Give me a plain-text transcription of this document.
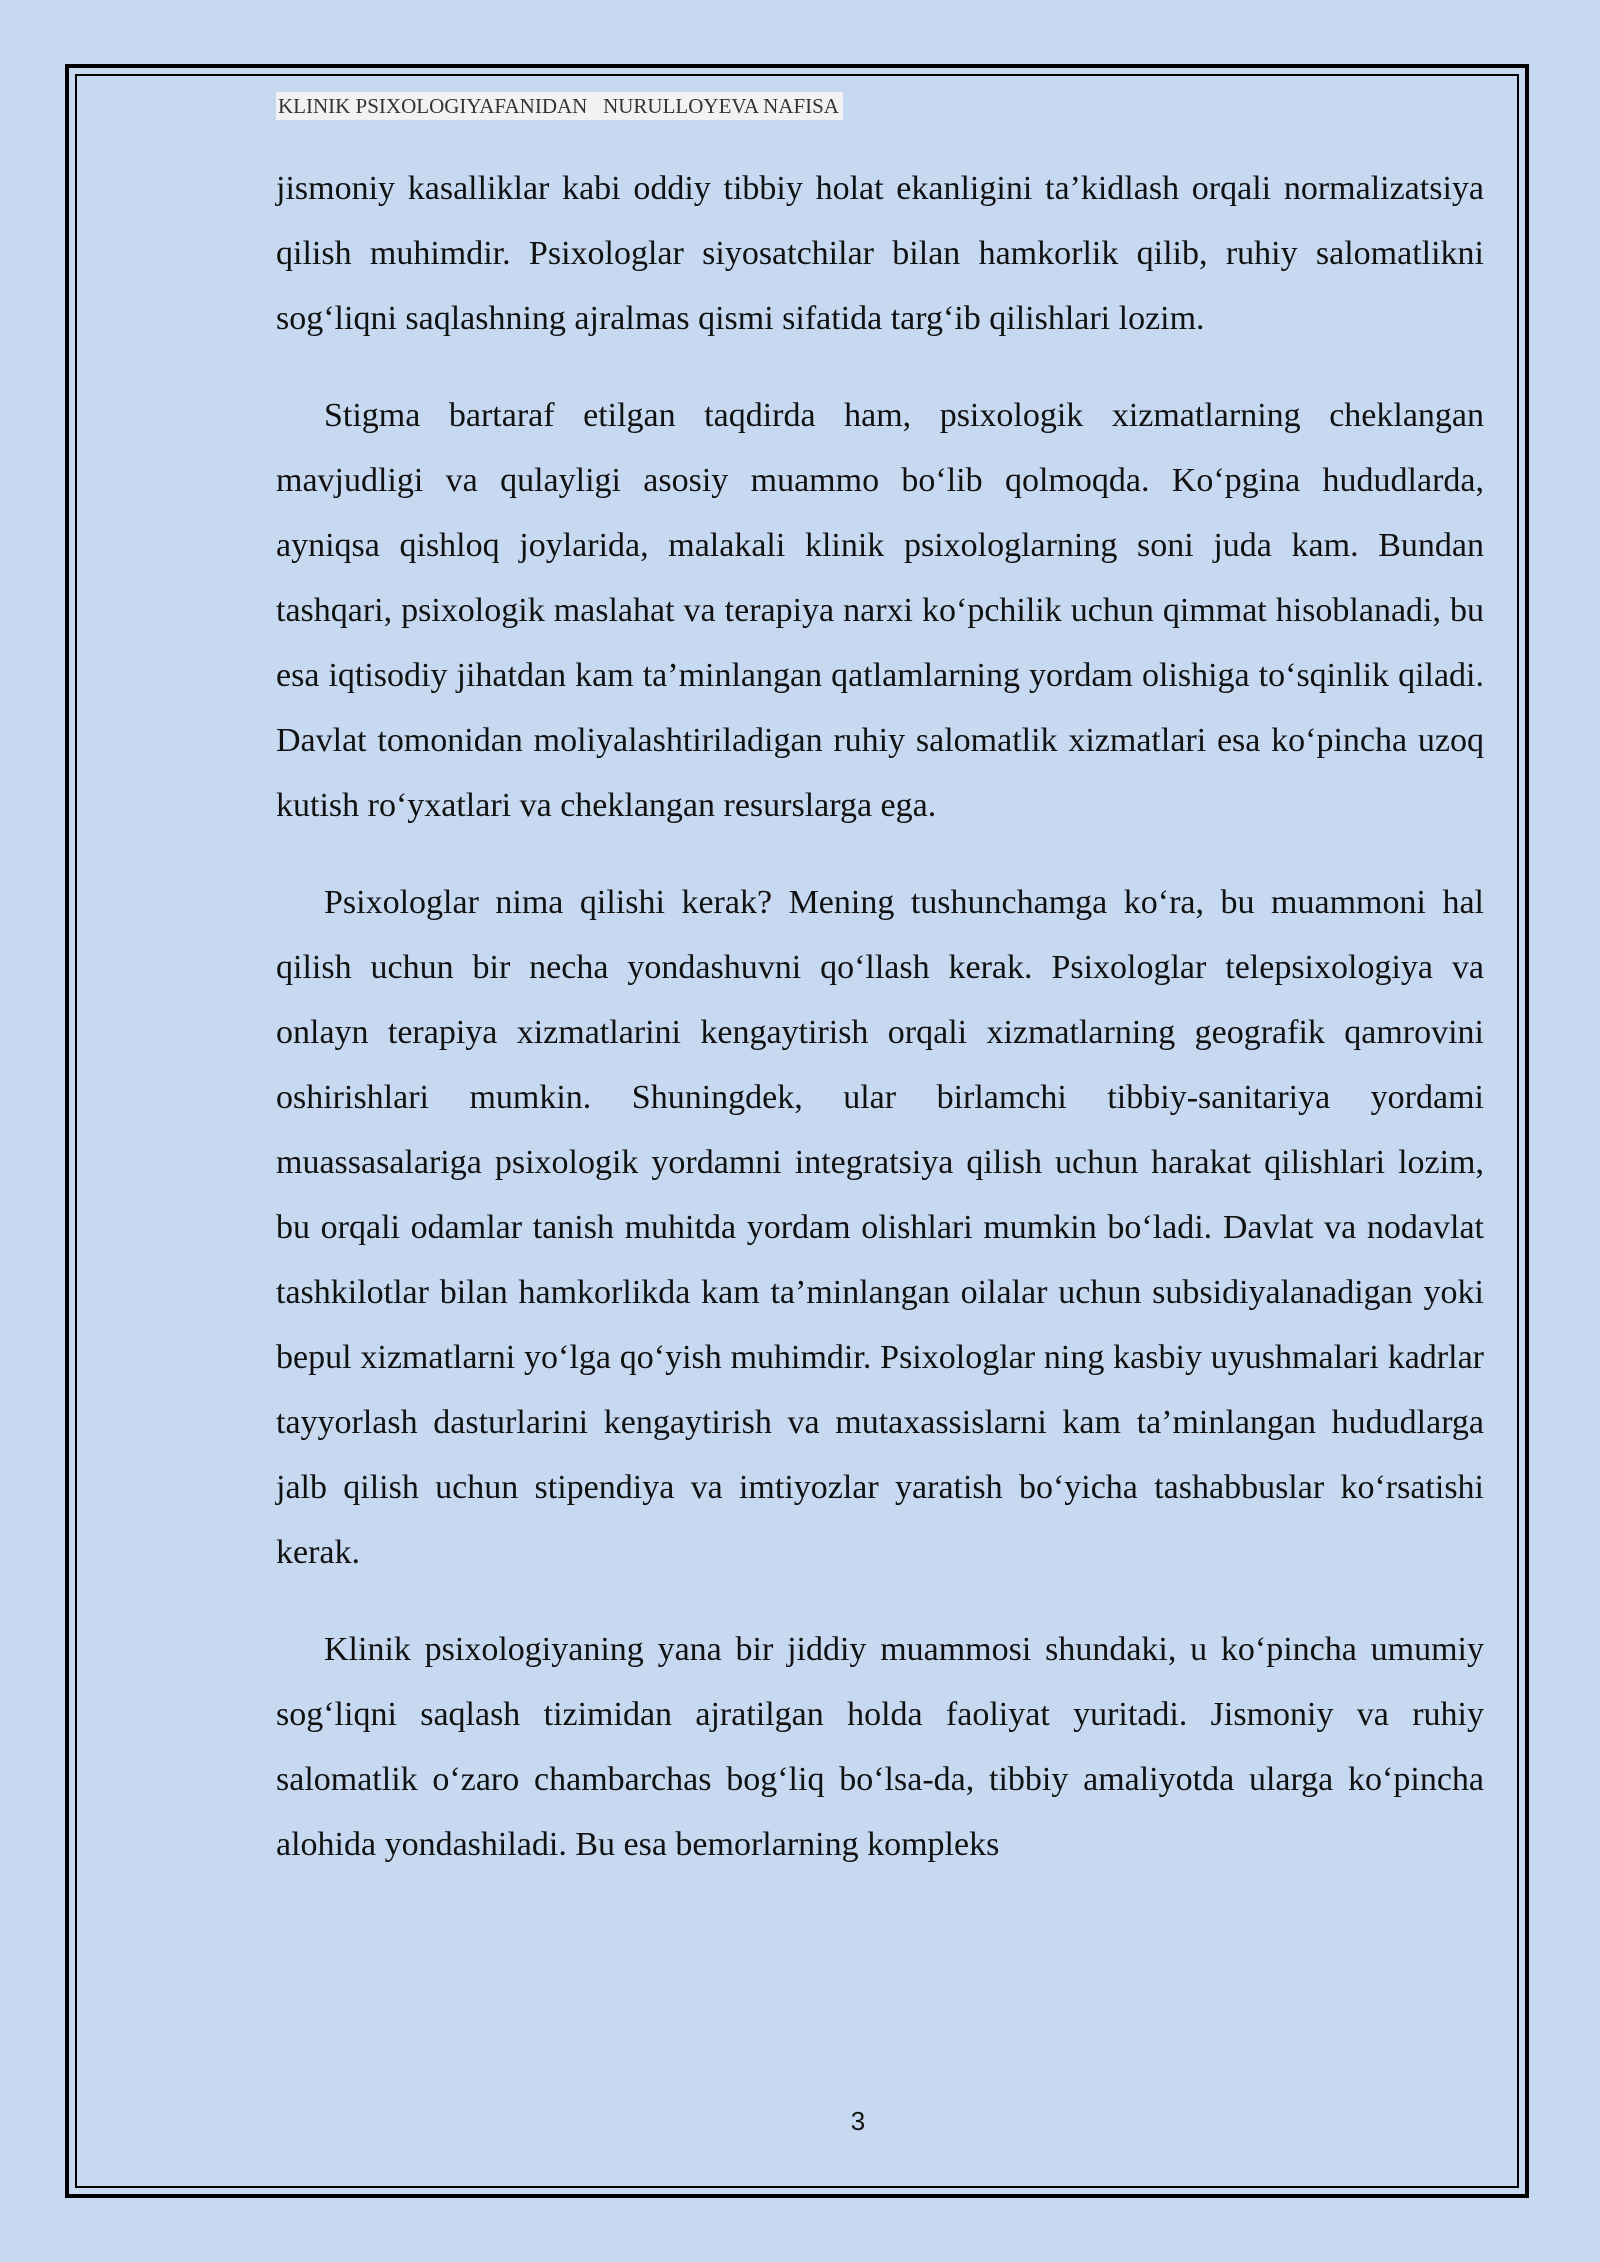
KLINIK PSIXOLOGIYAFANIDAN   NURULLOYEVA NAFISA

jismoniy kasalliklar kabi oddiy tibbiy holat ekanligini ta’kidlash orqali normalizatsiya qilish muhimdir. Psixologlar siyosatchilar bilan hamkorlik qilib, ruhiy salomatlikni sog‘liqni saqlashning ajralmas qismi sifatida targ‘ib qilishlari lozim.

Stigma bartaraf etilgan taqdirda ham, psixologik xizmatlarning cheklangan mavjudligi va qulayligi asosiy muammo bo‘lib qolmoqda. Ko‘pgina hududlarda, ayniqsa qishloq joylarida, malakali klinik psixologlarning soni juda kam. Bundan tashqari, psixologik maslahat va terapiya narxi ko‘pchilik uchun qimmat hisoblanadi, bu esa iqtisodiy jihatdan kam ta’minlangan qatlamlarning yordam olishiga to‘sqinlik qiladi. Davlat tomonidan moliyalashtiriladigan ruhiy salomatlik xizmatlari esa ko‘pincha uzoq kutish ro‘yxatlari va cheklangan resurslarga ega.

Psixologlar nima qilishi kerak? Mening tushunchamga ko‘ra, bu muammoni hal qilish uchun bir necha yondashuvni qo‘llash kerak. Psixologlar telepsixologiya va onlayn terapiya xizmatlarini kengaytirish orqali xizmatlarning geografik qamrovini oshirishlari mumkin. Shuningdek, ular birlamchi tibbiy-sanitariya yordami muassasalariga psixologik yordamni integratsiya qilish uchun harakat qilishlari lozim, bu orqali odamlar tanish muhitda yordam olishlari mumkin bo‘ladi. Davlat va nodavlat tashkilotlar bilan hamkorlikda kam ta’minlangan oilalar uchun subsidiyalanadigan yoki bepul xizmatlarni yo‘lga qo‘yish muhimdir. Psixologlar ning kasbiy uyushmalari kadrlar tayyorlash dasturlarini kengaytirish va mutaxassislarni kam ta’minlangan hududlarga jalb qilish uchun stipendiya va imtiyozlar yaratish bo‘yicha tashabbuslar ko‘rsatishi kerak.

Klinik psixologiyaning yana bir jiddiy muammosi shundaki, u ko‘pincha umumiy sog‘liqni saqlash tizimidan ajratilgan holda faoliyat yuritadi. Jismoniy va ruhiy salomatlik o‘zaro chambarchas bog‘liq bo‘lsa-da, tibbiy amaliyotda ularga ko‘pincha alohida yondashiladi. Bu esa bemorlarning kompleks

3
